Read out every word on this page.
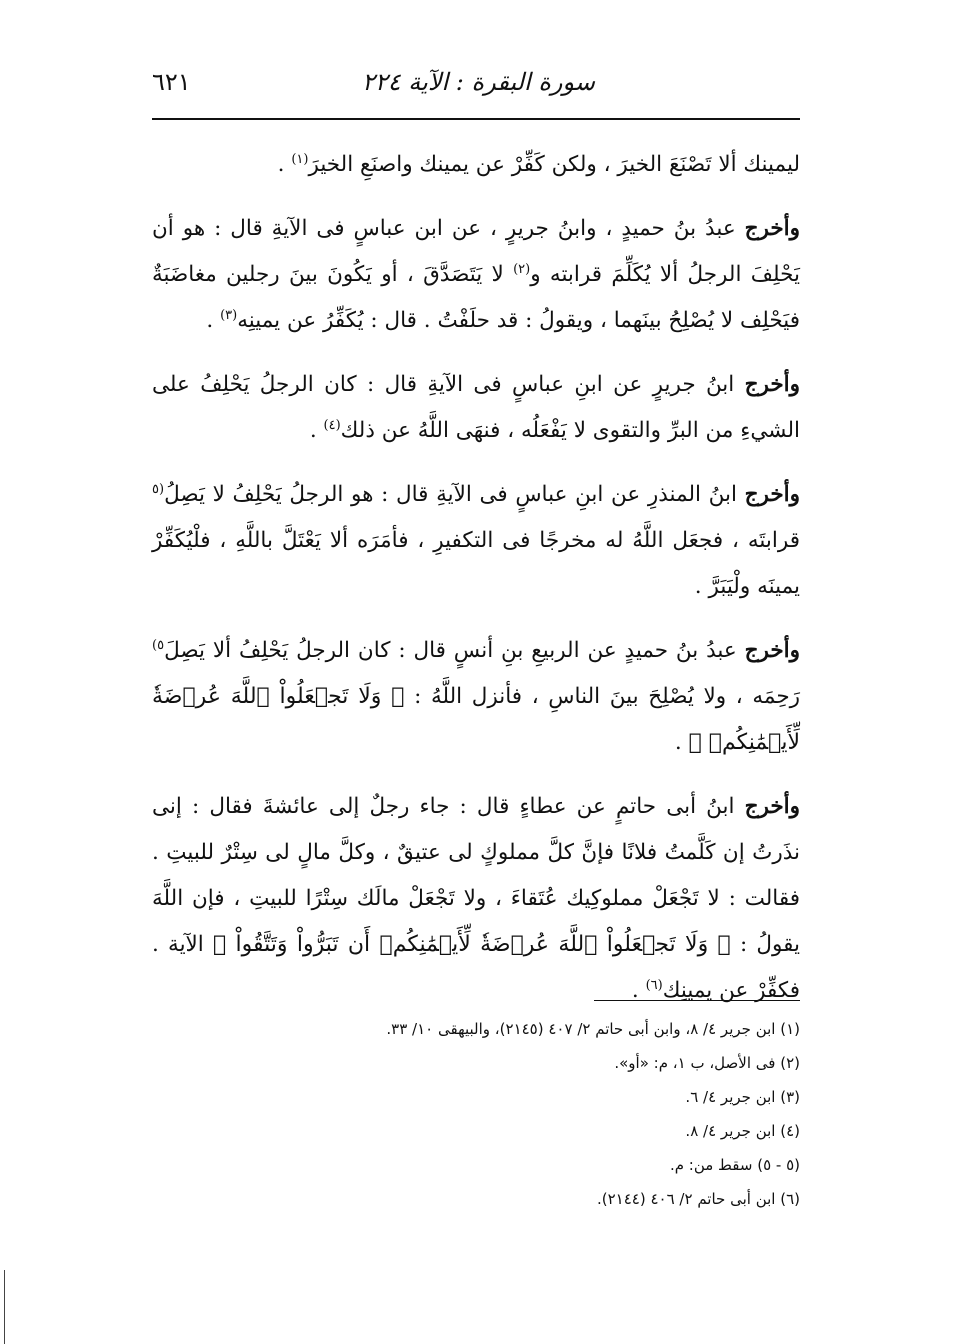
سورة البقرة : الآية ٢٢٤
٦٢١

ليمينك ألا تَصْنَعَ الخيرَ ، ولكن كَفِّرْ عن يمينك واصنَعِ الخيرَ$^{(١)}$ .

وأخرج عبدُ بنُ حميدٍ ، وابنُ جريرٍ ، عن ابن عباسٍ فى الآيةِ قال : هو أن يَحْلِفَ الرجلُ ألا يُكَلِّمَ قرابته و$^{(٢)}$ لا يَتَصَدَّقَ ، أو يَكُونَ بينَ رجلين مغاضَبَةٌ فيَحْلِف لا يُصْلِحُ بينَهما ، ويقولُ : قد حلَفْتُ . قال : يُكَفِّرُ عن يمينِه$^{(٣)}$ .

وأخرج ابنُ جريرٍ عن ابنِ عباسٍ فى الآيةِ قال : كان الرجلُ يَحْلِفُ على الشيءِ من البرِّ والتقوى لا يَفْعَلُه ، فنهَى اللَّهُ عن ذلك$^{(٤)}$ .

وأخرج ابنُ المنذرِ عن ابنِ عباسٍ فى الآيةِ قال : هو الرجلُ يَحْلِفُ لا يَصِلُ$^{(٥}$ قرابتَه ، فجعَل اللَّهُ له مخرجًا فى التكفيرِ ، فأمَرَه ألا يَعْتَلَّ باللَّهِ ، فلْيُكَفِّرْ يمينَه ولْيَبَرَّ .

وأخرج عبدُ بنُ حميدٍ عن الربيعِ بنِ أنسٍ قال : كان الرجلُ يَحْلِفُ ألا يَصِلَ$^{٥)}$ رَحِمَه ، ولا يُصْلِحَ بينَ الناسِ ، فأنزل اللَّهُ : ﴿ وَلَا تَجۡعَلُواْ ٱللَّهَ عُرۡضَةٗ لِّأَيۡمَٰنِكُمۡ ﴾ .

وأخرج ابنُ أبى حاتمٍ عن عطاءٍ قال : جاء رجلٌ إلى عائشةَ فقال : إنى نذَرتُ إن كَلَّمتُ فلانًا فإنَّ كلَّ مملوكٍ لى عتيقٌ ، وكلَّ مالٍ لى سِتْرٌ للبيتِ . فقالت : لا تَجْعَلْ مملوكِيك عُتَقاءَ ، ولا تَجْعَلْ مالَك سِتْرًا للبيتِ ، فإن اللَّهَ يقولُ : ﴿ وَلَا تَجۡعَلُواْ ٱللَّهَ عُرۡضَةٗ لِّأَيۡمَٰنِكُمۡ أَن تَبَرُّواْ وَتَتَّقُواْ ﴾ الآية . فكفِّرْ عن يمينِك$^{(٦)}$ .

(١) ابن جرير ٤/ ٨، وابن أبى حاتم ٢/ ٤٠٧ (٢١٤٥)، والبيهقى ١٠/ ٣٣.
(٢) فى الأصل، ب ١، م: «أو».
(٣) ابن جرير ٤/ ٦.
(٤) ابن جرير ٤/ ٨.
(٥ - ٥) سقط من: م.
(٦) ابن أبى حاتم ٢/ ٤٠٦ (٢١٤٤).
